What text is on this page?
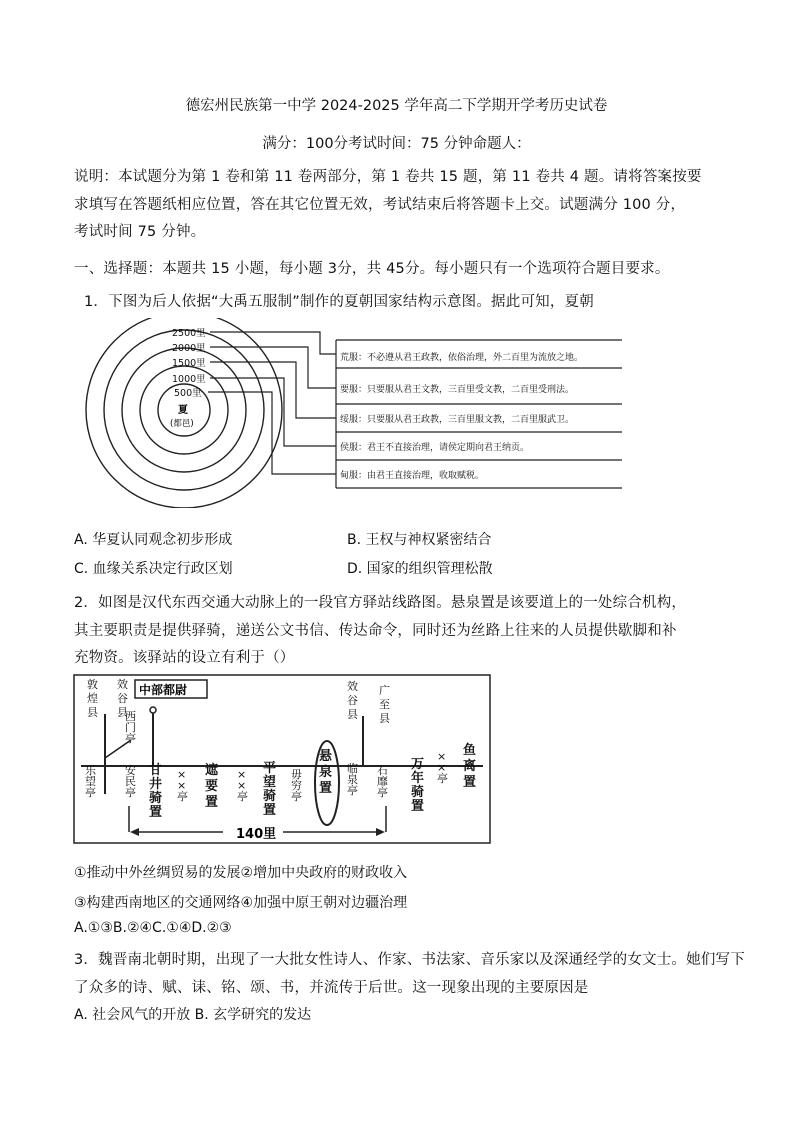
德宏州民族第一中学 2024-2025 学年高二下学期开学考历史试卷
满分：100分考试时间：75 分钟命题人：
说明：本试题分为第 1 卷和第 11 卷两部分，第 1 卷共 15 题，第 11 卷共 4 题。请将答案按要
求填写在答题纸相应位置，答在其它位置无效，考试结束后将答题卡上交。试题满分 100 分，
考试时间 75 分钟。
一、选择题：本题共 15 小题，每小题 3分，共 45分。每小题只有一个选项符合题目要求。
1．下图为后人依据“大禹五服制”制作的夏朝国家结构示意图。据此可知，夏朝
2500里
2000里
1500里
1000里
500里
夏
(都邑)
荒服：不必遵从君王政教，依俗治理，外二百里为流放之地。
要服：只要服从君王文教，三百里受文教，二百里受刑法。
绥服：只要服从君王政教，三百里服文教，二百里服武卫。
侯服：君王不直接治理，请侯定期向君王纳贡。
甸服：由君王直接治理，收取赋税。
A. 华夏认同观念初步形成	B. 王权与神权紧密结合
C. 血缘关系决定行政区划	D. 国家的组织管理松散
2．如图是汉代东西交通大动脉上的一段官方驿站线路图。悬泉置是该要道上的一处综合机构，
其主要职责是提供驿骑，递送公文书信、传达命令，同时还为丝路上往来的人员提供歇脚和补
充物资。该驿站的设立有利于（）
140里
中部都尉
敦
煌
县
效
谷
县
西
门
亭
乐
望
亭
安
民
亭
甘
井
骑
置
×
×
亭
遮
要
置
×
×
亭
平
望
骑
置
毋
穷
亭
悬
泉
置
效
谷
县
临
泉
亭
广
至
县
石
靡
亭
万
年
骑
置
×
×
亭
鱼
离
置
①推动中外丝绸贸易的发展②增加中央政府的财政收入
③构建西南地区的交通网络④加强中原王朝对边疆治理
A.①③B.②④C.①④D.②③
3．魏晋南北朝时期，出现了一大批女性诗人、作家、书法家、音乐家以及深通经学的女文士。她们写下
了众多的诗、赋、诔、铭、颂、书，并流传于后世。这一现象出现的主要原因是
A. 社会风气的开放 B. 玄学研究的发达
